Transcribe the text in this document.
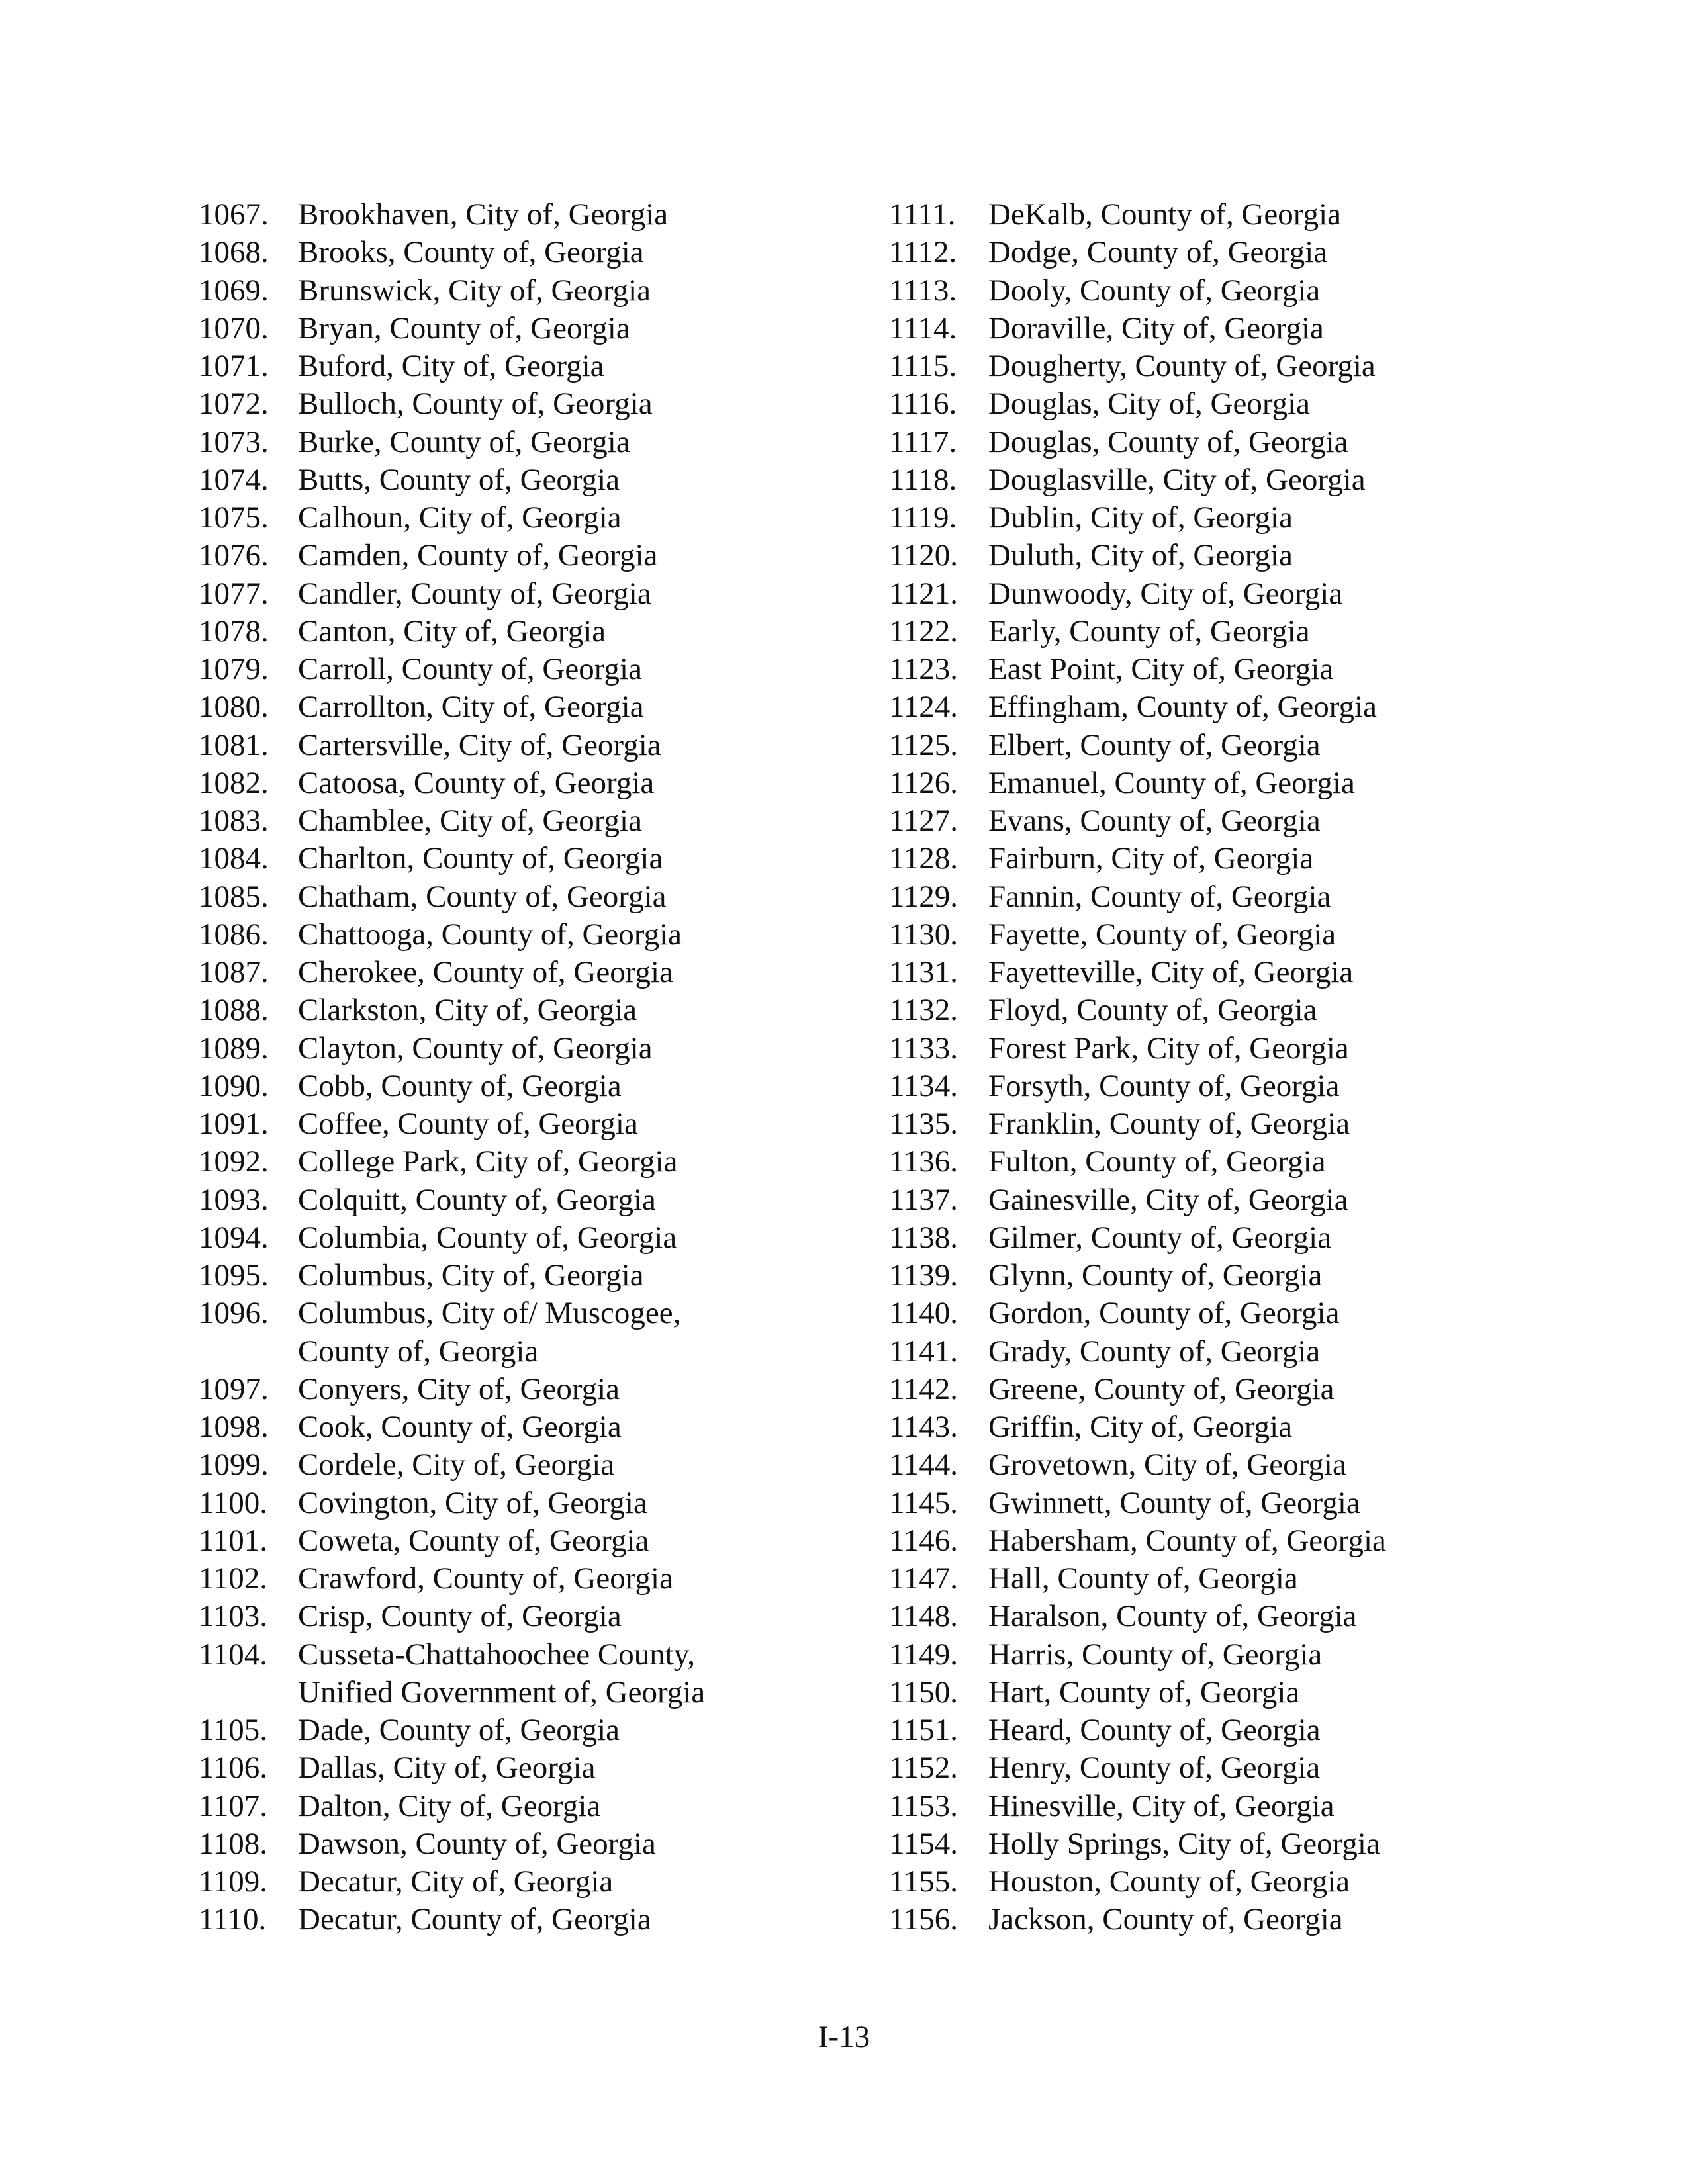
1067. Brookhaven, City of, Georgia
1068. Brooks, County of, Georgia
1069. Brunswick, City of, Georgia
1070. Bryan, County of, Georgia
1071. Buford, City of, Georgia
1072. Bulloch, County of, Georgia
1073. Burke, County of, Georgia
1074. Butts, County of, Georgia
1075. Calhoun, City of, Georgia
1076. Camden, County of, Georgia
1077. Candler, County of, Georgia
1078. Canton, City of, Georgia
1079. Carroll, County of, Georgia
1080. Carrollton, City of, Georgia
1081. Cartersville, City of, Georgia
1082. Catoosa, County of, Georgia
1083. Chamblee, City of, Georgia
1084. Charlton, County of, Georgia
1085. Chatham, County of, Georgia
1086. Chattooga, County of, Georgia
1087. Cherokee, County of, Georgia
1088. Clarkston, City of, Georgia
1089. Clayton, County of, Georgia
1090. Cobb, County of, Georgia
1091. Coffee, County of, Georgia
1092. College Park, City of, Georgia
1093. Colquitt, County of, Georgia
1094. Columbia, County of, Georgia
1095. Columbus, City of, Georgia
1096. Columbus, City of/ Muscogee,
County of, Georgia
1097. Conyers, City of, Georgia
1098. Cook, County of, Georgia
1099. Cordele, City of, Georgia
1100. Covington, City of, Georgia
1101. Coweta, County of, Georgia
1102. Crawford, County of, Georgia
1103. Crisp, County of, Georgia
1104. Cusseta-Chattahoochee County,
Unified Government of, Georgia
1105. Dade, County of, Georgia
1106. Dallas, City of, Georgia
1107. Dalton, City of, Georgia
1108. Dawson, County of, Georgia
1109. Decatur, City of, Georgia
1110.	Decatur, County of, Georgia
1111.	DeKalb, County of, Georgia
1112.	Dodge, County of, Georgia
1113.	Dooly, County of, Georgia
1114.	Doraville, City of, Georgia
1115.	Dougherty, County of, Georgia
1116.	Douglas, City of, Georgia
1117.	Douglas, County of, Georgia
1118.	Douglasville, City of, Georgia
1119.	Dublin, City of, Georgia
1120. Duluth, City of, Georgia
1121. Dunwoody, City of, Georgia
1122. Early, County of, Georgia
1123. East Point, City of, Georgia
1124. Effingham, County of, Georgia
1125. Elbert, County of, Georgia
1126. Emanuel, County of, Georgia
1127. Evans, County of, Georgia
1128. Fairburn, City of, Georgia
1129. Fannin, County of, Georgia
1130. Fayette, County of, Georgia
1131. Fayetteville, City of, Georgia
1132. Floyd, County of, Georgia
1133. Forest Park, City of, Georgia
1134. Forsyth, County of, Georgia
1135. Franklin, County of, Georgia
1136. Fulton, County of, Georgia
1137. Gainesville, City of, Georgia
1138. Gilmer, County of, Georgia
1139. Glynn, County of, Georgia
1140. Gordon, County of, Georgia
1141. Grady, County of, Georgia
1142. Greene, County of, Georgia
1143. Griffin, City of, Georgia
1144. Grovetown, City of, Georgia
1145. Gwinnett, County of, Georgia
1146. Habersham, County of, Georgia
1147. Hall, County of, Georgia
1148. Haralson, County of, Georgia
1149. Harris, County of, Georgia
1150. Hart, County of, Georgia
1151. Heard, County of, Georgia
1152. Henry, County of, Georgia
1153. Hinesville, City of, Georgia
1154. Holly Springs, City of, Georgia
1155. Houston, County of, Georgia
1156. Jackson, County of, Georgia
I-13
